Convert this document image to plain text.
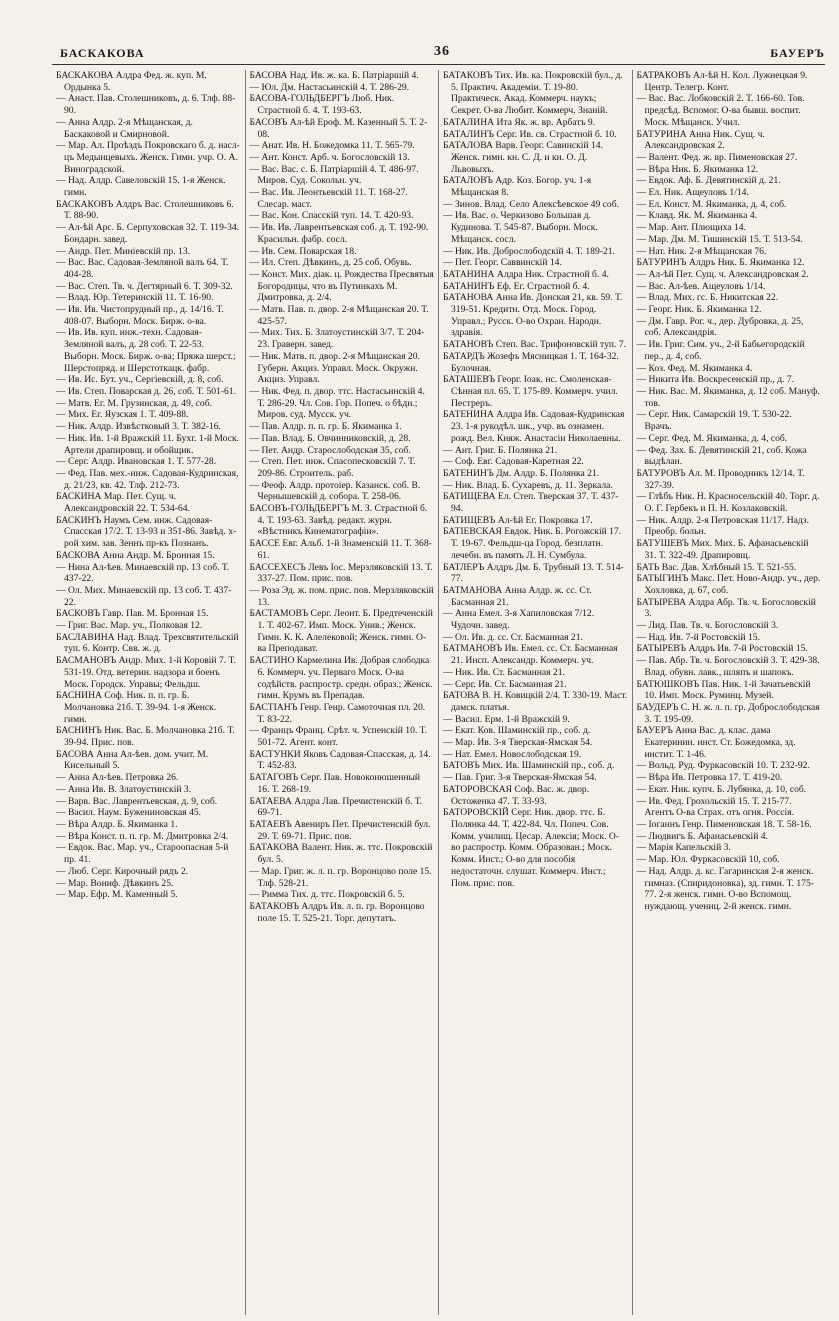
БАСКАКОВА	36	БАУЕРЪ
БАСКАКОВА Алдра Фед. ж. куп. М. Ордынка 5.
— Анаст. Пав. Столешниковъ, д. 6. Тлф. 88-90.
— Анна Алдр. 2-я Мѣщанская, д. Баскаковой и Смирновой.
— Мар. Ал. Проѣздъ Покровскаго б. д. насл-цъ Медынцевыхъ. Женск. Гимн. учр. О. А. Виноградской.
— Над. Алдр. Савеловскій 15. 1-я Женск. гимн.
БАСКАКОВЪ Алдръ Вас. Столешниковъ 6. Т. 88-90.
— Ал-ѣй Арс. Б. Серпуховская 32. Т. 119-34. Бондарн. завед.
— Андр. Пет. Миніевскій пр. 13.
— Вас. Вас. Садовая-Земляной валъ 64. Т. 404-28.
— Вас. Степ. Тв. ч. Дегтярный 6. Т. 309-32.
— Влад. Юр. Тетеринскій 11. Т. 16-90.
— Ив. Ив. Чистопрудный пр., д. 14/16. Т. 408-07. Выборн. Моск. Бирж. о-ва.
— Ив. Ив. куп. инж.-техн. Садовая-Земляной валъ, д. 28 соб. Т. 22-53. Выборн. Моск. Бирж. о-ва; Пряжа шерст.; Шерстопряд. и Шерстоткацк. фабр.
— Ив. Ис. Бут. уч., Сергіевскій, д. 8, соб.
— Ив. Степ. Поварская д. 26, соб. Т. 501-61.
— Матв. Ег. М. Грузинская, д. 49, соб.
— Мих. Ег. Яузская 1. Т. 409-88.
— Ник. Алдр. Извѣстковый 3. Т. 382-16.
— Ник. Ив. 1-й Вражскій 11. Бухг. 1-й Моск. Артели драпировщ. и обойщик.
— Серг. Алдр. Ивановская 1. Т. 577-28.
— Фед. Пав. мех.-инж. Садовая-Кудринская, д. 21/23, кв. 42. Тлф. 212-73.
БАСКИНА Мар. Пет. Сущ. ч. Александровскій 22. Т. 534-64.
БАСКИНЪ Наумъ Сем. инж. Садовая-Спасская 17/2. Т. 13-93 и 351-86. Завѣд. х-рой хим. зав. Зеннъ пр-къ Познанъ.
БАСКОВА Анна Андр. М. Бронная 15.
— Нина Ал-ѣев. Минаевскій пр. 13 соб. Т. 437-22.
— Ол. Мих. Минаевскій пр. 13 соб. Т. 437-22.
БАСКОВЪ Гавр. Пав. М. Бронная 15.
— Григ. Вас. Мар. уч., Полковая 12.
БАСЛАВИНА Над. Влад. Трехсвятительскій туп. 6. Контр. Свв. ж. д.
БАСМАНОВЪ Андр. Мих. 1-й Коровій 7. Т. 531-19. Отд. ветерин. надзора и боенъ Моск. Городск. Управы; Фельдш.
БАСНИНА Соф. Ник. п. п. гр. Б. Молчановка 21б. Т. 39-94. 1-я Женск. гимн.
БАСНИНЪ Ник. Вас. Б. Молчановка 21б. Т. 39-94. Прис. пов.
БАСОВА Анна Ал-ѣев. дом. учит. М. Кисельный 5.
— Анна Ал-ѣев. Петровка 26.
— Анна Ив. В. Златоустинскій 3.
— Варв. Вас. Лаврентьевская, д. 9, соб.
— Васил. Наум. Бужениновская 45.
— Вѣра Алдр. Б. Якиманка 1.
— Вѣра Конст. п. п. гр. М. Дмитровка 2/4.
— Евдок. Вас. Мар. уч., Староопасная 5-й пр. 41.
— Люб. Серг. Кирочный рядъ 2.
— Мар. Вониф. Дѣвкинъ 25.
— Мар. Ефр. М. Каменный 5.
БАСОВА Над. Ив. ж. ка. Б. Патріаршій 4.
— Юл. Дм. Настасьинскій 4. Т. 286-29.
БАСОВА-ГОЛЬДБЕРГЪ Люб. Ник. Страстной б. 4. Т. 193-63.
БАСОВЪ Ал-ѣй Ероф. М. Казенный 5. Т. 2-08.
— Анат. Ив. Н. Божедомка 11. Т. 565-79.
— Ант. Конст. Арб. ч. Богословскій 13.
— Вас. Вас. с. Б. Патріаршій 4. Т. 486-97. Миров. Суд. Сокольн. уч.
— Вас. Ив. Леонтьевскій 11. Т. 168-27. Слесар. маст.
— Вас. Кон. Спасскій туп. 14. Т. 420-93.
— Ив. Ив. Лаврентьевская соб. д. Т. 192-90. Красильн. фабр. сосл.
— Ив. Сем. Поварская 18.
— Ил. Степ. Дѣвкинъ, д. 25 соб. Обувь.
— Конст. Мих. діак. ц. Рождества Пресвятыя Богородицы, что въ Путинкахъ М. Дмитровка, д. 2/4.
— Матв. Пав. п. двор. 2-я Мѣщанская 20. Т. 425-57.
— Мих. Тих. Б. Златоустинскій 3/7. Т. 204-23. Граверн. завед.
— Ник. Матв. п. двор. 2-я Мѣщанская 20. Губерн. Акциз. Управл. Моск. Окружн. Акциз. Управл.
— Ник. Фед. п. двор. ттс. Настасьинскій 4. Т. 286-29. Чл. Сов. Гор. Попеч. о бѣдн.; Миров. суд. Мусск. уч.
— Пав. Алдр. п. п. гр. Б. Якиманка 1.
— Пав. Влад. Б. Овчинниковскій, д. 28.
— Пет. Андр. Старослободская 35, соб.
— Степ. Пет. инж. Спасопесковскій 7. Т. 209-86. Строитель. раб.
— Феоф. Алдр. протоіер. Казанск. соб. В. Чернышевскій д. собора. Т. 258-06.
БАСОВЪ-ГОЛЬДБЕРГЪ М. З. Страстной б. 4. Т. 193-63. Завѣд. редакт. журн. «Вѣстникъ Кинематографіи».
БАССЕ Евг. Альб. 1-й Знаменскій 11. Т. 368-61.
БАССЕХЕСЪ Левъ Іос. Мерзляковскій 13. Т. 337-27. Пом. прис. пов.
— Роза Эд. ж. пом. прис. пов. Мерзляковскій 13.
БАСТАМОВЪ Серг. Леонт. Б. Предтеченскій 1. Т. 402-67. Имп. Моск. Унив.; Женск. Гимн. К. К. Алелековой; Женск. гимн. О-ва Преподават.
БАСТИНО Кармелина Ив. Добрая слободка 6. Коммерч. уч. Перваго Моск. О-ва содѣйств. распростр. средн. образ.; Женск. гимн. Крумъ въ Препадав.
БАСТІАНЪ Генр. Генр. Самоточная пл. 20. Т. 83-22.
— Францъ Франц. Срѣт. ч. Успенскій 10. Т. 501-72. Агент. конт.
БАСТУНКИ Яковъ Садовая-Спасская, д. 14. Т. 452-83.
БАТАГОВЪ Серг. Пав. Новоконюшенный 16. Т. 268-19.
БАТАЕВА Алдра Лав. Пречистенскій б. Т. 69-71.
БАТАЕВЪ Авениръ Пет. Пречистенскій бул. 29. Т. 69-71. Прис. пов.
БАТАКОВА Валент. Ник. ж. ттс. Покровскій бул. 5.
— Мар. Григ. ж. л. п. гр. Воронцово поле 15. Тлф. 528-21.
— Римма Тих. д. ттс. Покровскій б. 5.
БАТАКОВЪ Алдръ Ив. л. п. гр. Воронцово поле 15. Т. 525-21. Торг. депутатъ.
БАТАКОВЪ Тих. Ив. ка. Покровскій бул., д. 5. Практич. Академіи. Т. 19-80. Практическ. Акад. Коммерч. наукъ; Секрет. О-ва Любит. Коммерч. Знаній.
БАТАЛИНА Ита Як. ж. вр. Арбатъ 9.
БАТАЛИНЪ Серг. Ив. св. Страстной б. 10.
БАТАЛОВА Варв. Георг. Савинскій 14. Женск. гимн. кн. С. Д. и кн. О. Д. Львовыхъ.
БАТАЛОВЪ Адр. Коз. Богор. уч. 1-я Мѣщанская 8.
— Зинов. Влад. Село Алексѣевское 49 соб.
— Ив. Вас. о. Черкизово Большая д. Кудинова. Т. 545-87. Выборн. Моск. Мѣщанск. сосл.
— Ник. Ив. Доброслободскій 4. Т. 189-21.
— Пет. Георг. Саввинскій 14.
БАТАНИНА Алдра Ник. Страстной б. 4.
БАТАНИНЪ Еф. Ег. Страстной б. 4.
БАТАНОВА Анна Ив. Донская 21, кв. 59. Т. 319-51. Кредитн. Отд. Моск. Город. Управл.; Русск. О-во Охран. Народн. здравія.
БАТАНОВЪ Степ. Вас. Трифоновскій туп. 7.
БАТАРДЪ Жозефъ Мясницкая 1. Т. 164-32. Булочная.
БАТАШЕВЪ Георг. Іоак. нс. Смоленская-Сѣнная пл. 65. Т. 175-89. Коммерч. учил. Пестреръ.
БАТЕНИНА Алдра Ив. Садовая-Кудринская 23. 1-я рукодѣл. шк., учр. въ ознамен. рожд. Вел. Княж. Анастасіи Николаевны.
— Ант. Григ. Б. Полянка 21.
— Соф. Евг. Садовая-Каретная 22.
БАТЕНИНЪ Дм. Алдр. Б. Полянка 21.
— Ник. Влад. Б. Сухаревъ, д. 11. Зеркала.
БАТИЩЕВА Ел. Степ. Тверская 37. Т. 437-94.
БАТИЩЕВЪ Ал-ѣй Ег. Покровка 17.
БАТІЕВСКАЯ Евдок. Ник. Б. Рогожскій 17. Т. 19-67. Фельдш-ца Город. безплатн. лечебн. въ память Л. Н. Сумбула.
БАТЛЕРЪ Алдръ Дм. Б. Трубный 13. Т. 514-77.
БАТМАНОВА Анна Алдр. ж. сс. Ст. Басманная 21.
— Анна Емел. 3-я Хапиловская 7/12. Чудочн. завед.
— Ол. Ив. д. сс. Ст. Басманная 21.
БАТМАНОВЪ Ив. Емел. сс. Ст. Басманная 21. Инсп. Александр. Коммерч. уч.
— Ник. Ив. Ст. Басманная 21.
— Серг. Ив. Ст. Басманная 21.
БАТОВА В. Н. Ковицкій 2/4. Т. 330-19. Маст. дамск. платья.
— Васил. Ерм. 1-й Вражскій 9.
— Екат. Ков. Шаминскій пр., соб. д.
— Мар. Ив. 3-я Тверская-Ямская 54.
— Нат. Емел. Новослободская 19.
БАТОВЪ Мих. Ив. Шаминскій пр., соб. д.
— Пав. Григ. 3-я Тверская-Ямская 54.
БАТОРОВСКАЯ Соф. Вас. ж. двор. Остоженка 47. Т. 33-93.
БАТОРОВСКІЙ Серг. Ник. двор. ттс. Б. Полянка 44. Т. 422-84. Чл. Попеч. Сов. Комм. училищ. Цесар. Алексія; Моск. О-во распростр. Комм. Образован.; Моск. Комм. Инст.; О-во для пособія недостаточн. слушат. Коммерч. Инст.; Пом. прис. пов.
БАТРАКОВЪ Ал-ѣй Н. Кол. Лужнецкая 9. Центр. Телегр. Конт.
— Вас. Вас. Лобковскій 2. Т. 166-60. Тов. предсѣд. Вспомог. О-ва бывш. воспит. Моск. Мѣщанск. Учил.
БАТУРИНА Анна Ник. Сущ. ч. Александровская 2.
— Валент. Фед. ж. вр. Пименовская 27.
— Вѣра Ник. Б. Якиманка 12.
— Евдок. Аф. Б. Девятинскій д. 21.
— Ел. Ник. Ащеуловъ 1/14.
— Ел. Конст. М. Якиманка, д. 4, соб.
— Клавд. Як. М. Якиманка 4.
— Мар. Ант. Плющиха 14.
— Мар. Дм. М. Тишинскій 15. Т. 513-54.
— Нат. Ник. 2-я Мѣщанская 76.
БАТУРИНЪ Алдръ Ник. Б. Якиманка 12.
— Ал-ѣй Пет. Сущ. ч. Александровская 2.
— Вас. Ал-ѣев. Ащеуловъ 1/14.
— Влад. Мих. гс. Б. Никитская 22.
— Георг. Ник. Б. Якиманка 12.
— Дм. Гавр. Рог. ч., дер. Дубровка, д. 25, соб. Александрія.
— Ив. Григ. Сим. уч., 2-й Бабьегородскій пер., д. 4, соб.
— Коз. Фед. М. Якиманка 4.
— Никита Ив. Воскресенскій пр., д. 7.
— Ник. Вас. М. Якиманка, д. 12 соб. Мануф. тов.
— Серг. Ник. Самарскій 19. Т. 530-22. Врачъ.
— Серг. Фед. М. Якиманка, д. 4, соб.
— Фед. Зах. Б. Девятинскій 21, соб. Кожа выдѣлан.
БАТУРОВЪ Ал. М. Проводникъ 12/14. Т. 327-39.
— Глѣбъ Ник. Н. Красносельскій 40. Торг. д. О. Г. Гербекъ и П. Н. Козлаковскій.
— Ник. Алдр. 2-я Петровская 11/17. Надз. Преобр. больн.
БАТУШЕВЪ Мих. Мих. Б. Афанасьевскій 31. Т. 322-49. Драпировщ.
БАТЬ Вас. Дав. Хлѣбный 15. Т. 521-55.
БАТЫГИНЪ Макс. Пет. Ново-Андр. уч., дер. Хохловка, д. 67, соб.
БАТЫРЕВА Алдра Абр. Тв. ч. Богословскій 3.
— Лид. Пав. Тв. ч. Богословскій 3.
— Над. Ив. 7-й Ростовскій 15.
БАТЫРЕВЪ Алдръ Ив. 7-й Ростовскій 15.
— Пав. Абр. Тв. ч. Богословскій 3. Т. 429-38. Влад. обувн. лавк., шляпъ и шапокъ.
БАТЮШКОВЪ Пав. Ник. 1-й Зачатьевскій 10. Имп. Моск. Руминц. Музей.
БАУДЕРЪ С. Н. ж. л. п. гр. Доброслободская 3. Т. 195-09.
БАУЕРЪ Анна Вас. д. клас. дама Екатеринин. инст. Ст. Божедомка, зд. инстит. Т. 1-46.
— Вольд. Руд. Фуркасовскій 10. Т. 232-92.
— Вѣра Ив. Петровка 17. Т. 419-20.
— Екат. Ник. купч. Б. Лубянка, д. 10, соб.
— Ив. Фед. Грохольскій 15. Т. 215-77. Агентъ О-ва Страх. отъ огня. Россія.
— Іоганнъ Генр. Пименовская 18. Т. 58-16.
— Людвигъ Б. Афанасьевскій 4.
— Марія Капельскій 3.
— Мар. Юл. Фуркасовскій 10, соб.
— Над. Алдр. д. кс. Гагаринская 2-я женск. гимназ. (Спиридоновка), зд. гимн. Т. 175-77. 2-я женск. гимн. О-во Вспомощ. нуждающ. учениц. 2-й женск. гимн.
